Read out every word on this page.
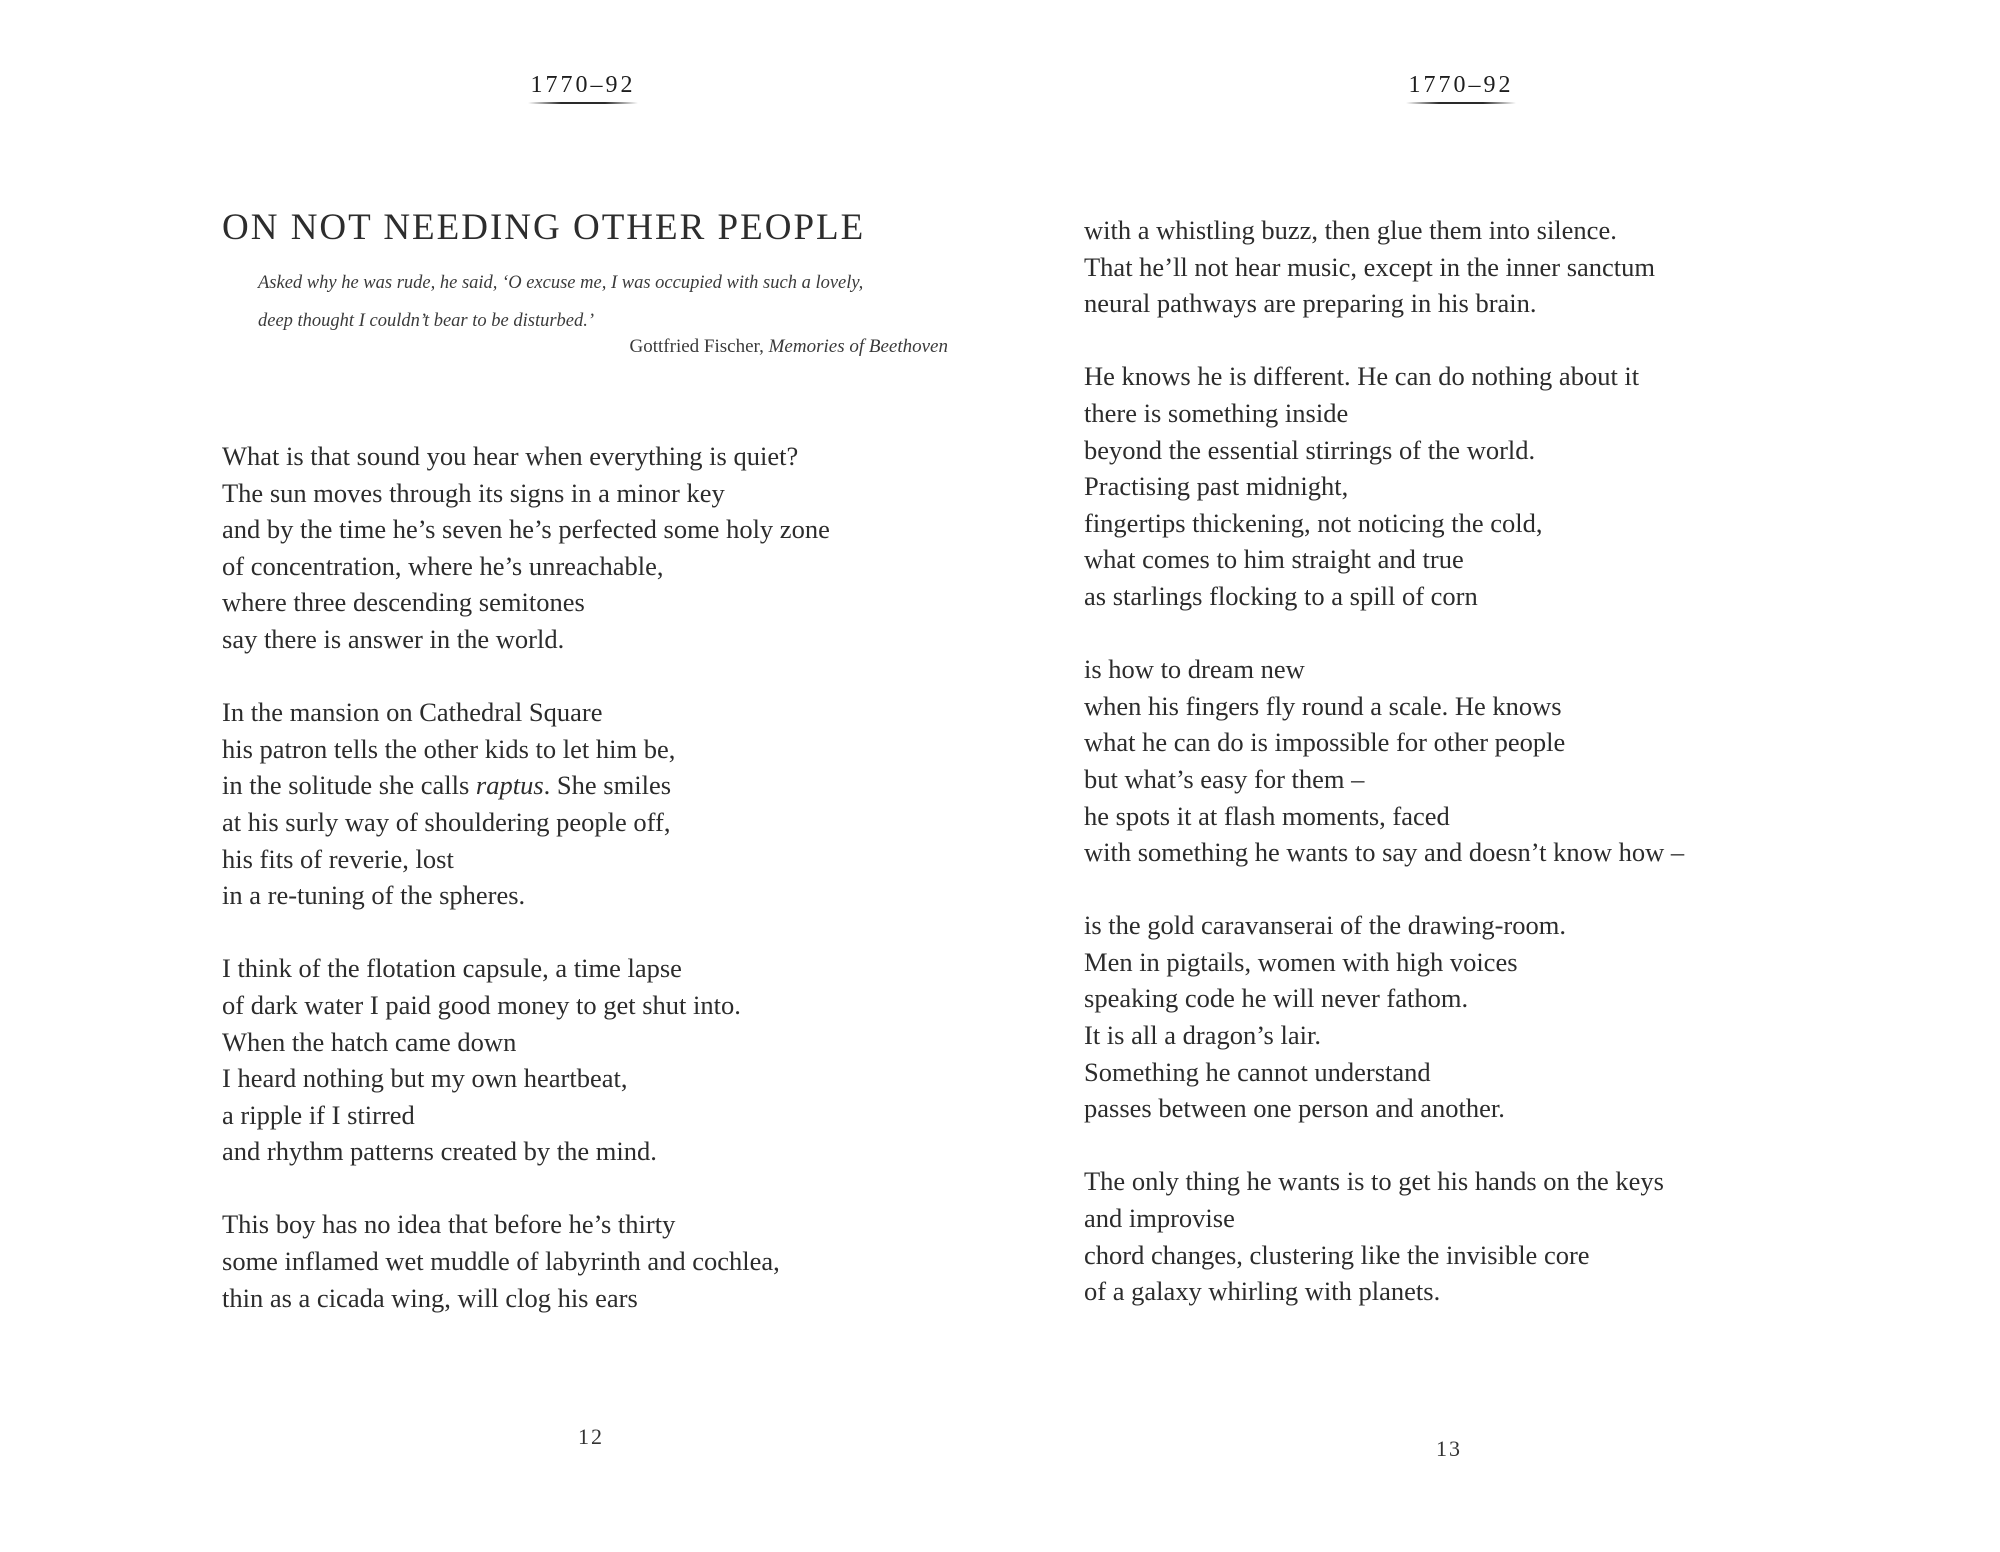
1770–92
ON NOT NEEDING OTHER PEOPLE
Asked why he was rude, he said, ‘O excuse me, I was occupied with such a lovely,
deep thought I couldn’t bear to be disturbed.’
Gottfried Fischer, Memories of Beethoven
What is that sound you hear when everything is quiet?
The sun moves through its signs in a minor key
and by the time he’s seven he’s perfected some holy zone
of concentration, where he’s unreachable,
where three descending semitones
say there is answer in the world.
In the mansion on Cathedral Square
his patron tells the other kids to let him be,
in the solitude she calls raptus. She smiles
at his surly way of shouldering people off,
his fits of reverie, lost
in a re-tuning of the spheres.
I think of the flotation capsule, a time lapse
of dark water I paid good money to get shut into.
When the hatch came down
I heard nothing but my own heartbeat,
a ripple if I stirred
and rhythm patterns created by the mind.
This boy has no idea that before he’s thirty
some inflamed wet muddle of labyrinth and cochlea,
thin as a cicada wing, will clog his ears
12
1770–92
with a whistling buzz, then glue them into silence.
That he’ll not hear music, except in the inner sanctum
neural pathways are preparing in his brain.
He knows he is different. He can do nothing about it
there is something inside
beyond the essential stirrings of the world.
Practising past midnight,
fingertips thickening, not noticing the cold,
what comes to him straight and true
as starlings flocking to a spill of corn
is how to dream new
when his fingers fly round a scale. He knows
what he can do is impossible for other people
but what’s easy for them –
he spots it at flash moments, faced
with something he wants to say and doesn’t know how –
is the gold caravanserai of the drawing-room.
Men in pigtails, women with high voices
speaking code he will never fathom.
It is all a dragon’s lair.
Something he cannot understand
passes between one person and another.
The only thing he wants is to get his hands on the keys
and improvise
chord changes, clustering like the invisible core
of a galaxy whirling with planets.
13
